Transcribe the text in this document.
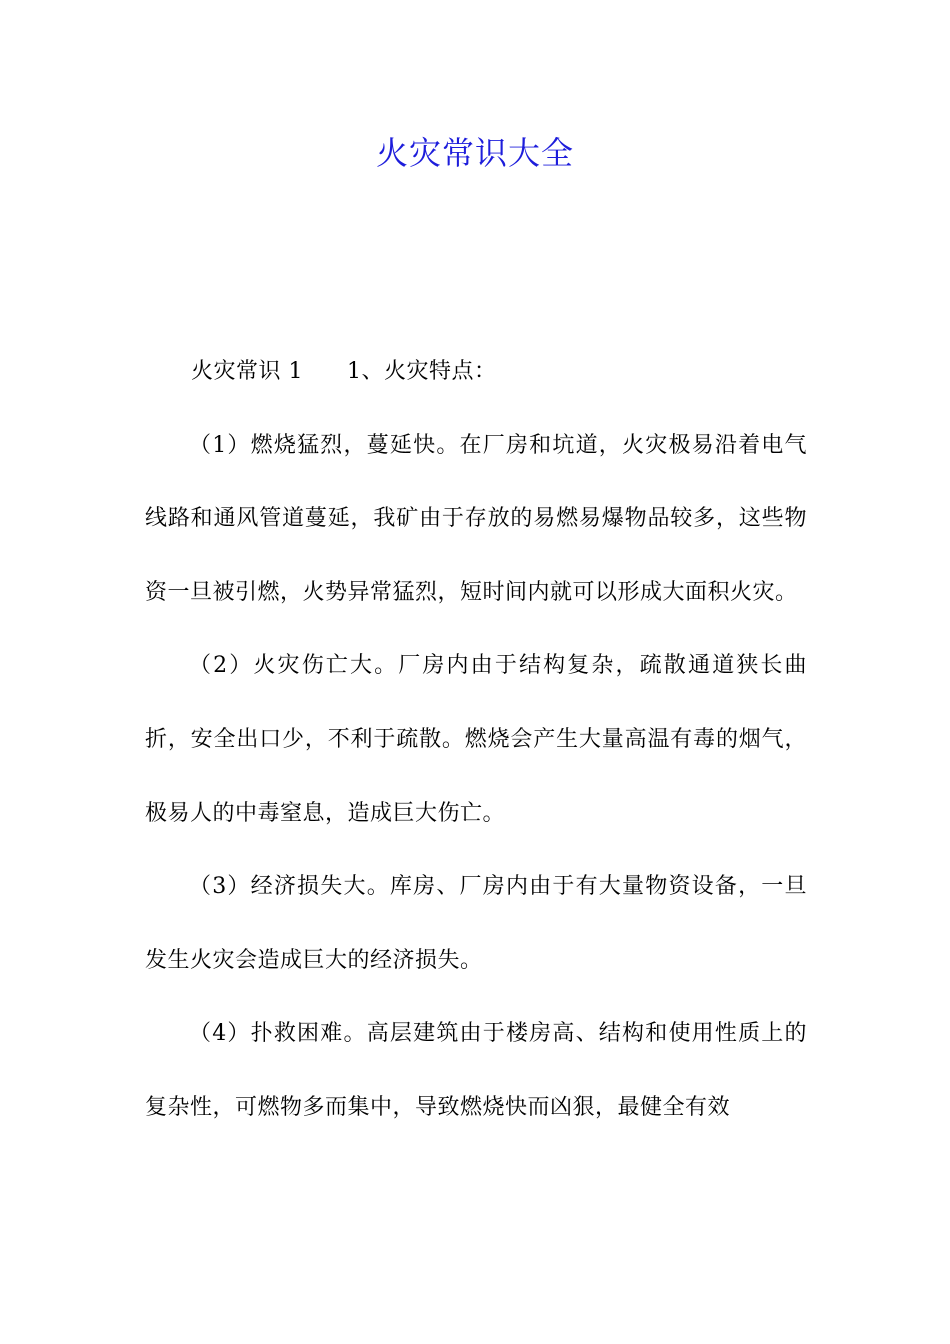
火灾常识大全

火灾常识 1 1、火灾特点：

（1）燃烧猛烈，蔓延快。在厂房和坑道，火灾极易沿着电气线路和通风管道蔓延，我矿由于存放的易燃易爆物品较多，这些物资一旦被引燃，火势异常猛烈，短时间内就可以形成大面积火灾。

（2）火灾伤亡大。厂房内由于结构复杂，疏散通道狭长曲折，安全出口少，不利于疏散。燃烧会产生大量高温有毒的烟气，极易人的中毒窒息，造成巨大伤亡。

（3）经济损失大。库房、厂房内由于有大量物资设备，一旦发生火灾会造成巨大的经济损失。

（4）扑救困难。高层建筑由于楼房高、结构和使用性质上的复杂性，可燃物多而集中，导致燃烧快而凶狠，最健全有效
